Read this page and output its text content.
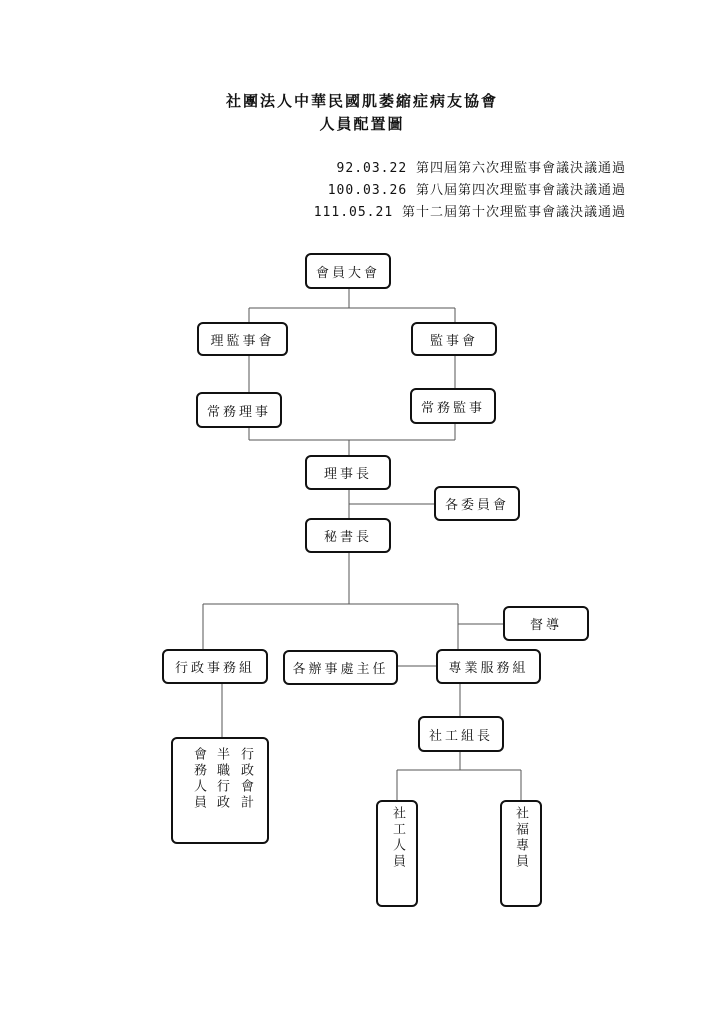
社團法人中華民國肌萎縮症病友協會
人員配置圖
92.03.22 第四屆第六次理監事會議決議通過
100.03.26 第八屆第四次理監事會議決議通過
111.05.21 第十二屆第十次理監事會議決議通過
會員大會
理監事會	監事會
常務理事	常務監事
理事長
各委員會
秘書長
督導
行政事務組	各辦事處主任	專業服務組
社工組長
行政會計
半職行政
會務人員
社工人員	社福專員
